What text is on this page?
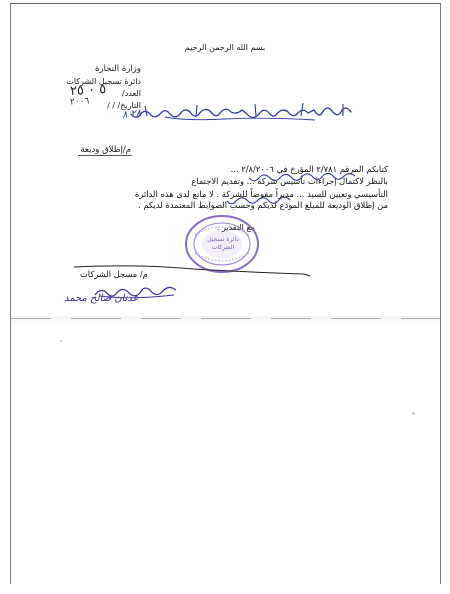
بسم الله الرحمن الرحيم
وزارة التجارة
دائرة تسجيل الشركات
العدد/
٥ ٠ ٢٥
التاريخ/ / /
٢٠٠٦
٢٨ ٨
م/إطلاق وديعة
كتابكم المرقم ٢/٧٨١ المؤرخ في ٢/٨/٢٠٠٦ ...
بالنظر لاكتمال إجراءات تأسيس شركة ... وتقديم الاجتماع
التأسيسي وتعيين للسيد ... مديراً مفوضاً للشركة . لا مانع لدى هذه الدائرة
من إطلاق الوديعة للمبلغ المودع لديكم وحسب الضوابط المعتمدة لديكم .
مع التقدير .
دائرة تسجيل الشركات
م/ مسجل الشركات
عدنان صالح محمد
